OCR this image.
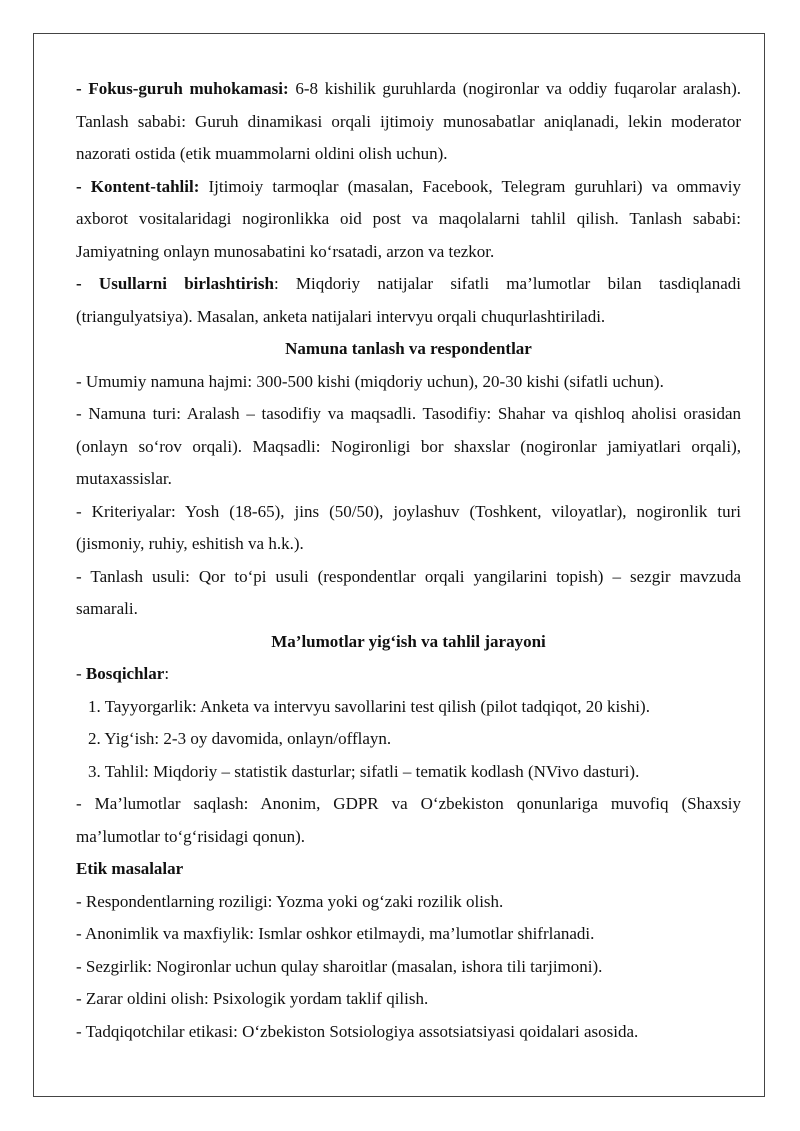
- Fokus-guruh muhokamasi: 6-8 kishilik guruhlarda (nogironlar va oddiy fuqarolar aralash). Tanlash sababi: Guruh dinamikasi orqali ijtimoiy munosabatlar aniqlanadi, lekin moderator nazorati ostida (etik muammolarni oldini olish uchun).

- Kontent-tahlil: Ijtimoiy tarmoqlar (masalan, Facebook, Telegram guruhlari) va ommaviy axborot vositalaridagi nogironlikka oid post va maqolalarni tahlil qilish. Tanlash sababi: Jamiyatning onlayn munosabatini ko‘rsatadi, arzon va tezkor.

- Usullarni birlashtirish: Miqdoriy natijalar sifatli ma’lumotlar bilan tasdiqlanadi (triangulyatsiya). Masalan, anketa natijalari intervyu orqali chuqurlashtiriladi.

Namuna tanlash va respondentlar

- Umumiy namuna hajmi: 300-500 kishi (miqdoriy uchun), 20-30 kishi (sifatli uchun).

- Namuna turi: Aralash – tasodifiy va maqsadli. Tasodifiy: Shahar va qishloq aholisi orasidan (onlayn so‘rov orqali). Maqsadli: Nogironligi bor shaxslar (nogironlar jamiyatlari orqali), mutaxassislar.

- Kriteriyalar: Yosh (18-65), jins (50/50), joylashuv (Toshkent, viloyatlar), nogironlik turi (jismoniy, ruhiy, eshitish va h.k.).

- Tanlash usuli: Qor to‘pi usuli (respondentlar orqali yangilarini topish) – sezgir mavzuda samarali.

Ma’lumotlar yig‘ish va tahlil jarayoni

- Bosqichlar:

1. Tayyorgarlik: Anketa va intervyu savollarini test qilish (pilot tadqiqot, 20 kishi).

2. Yig‘ish: 2-3 oy davomida, onlayn/offlayn.

3. Tahlil: Miqdoriy – statistik dasturlar; sifatli – tematik kodlash (NVivo dasturi).

- Ma’lumotlar saqlash: Anonim, GDPR va O‘zbekiston qonunlariga muvofiq (Shaxsiy ma’lumotlar to‘g‘risidagi qonun).

Etik masalalar

- Respondentlarning roziligi: Yozma yoki og‘zaki rozilik olish.

- Anonimlik va maxfiylik: Ismlar oshkor etilmaydi, ma’lumotlar shifrlanadi.

- Sezgirlik: Nogironlar uchun qulay sharoitlar (masalan, ishora tili tarjimoni).

- Zarar oldini olish: Psixologik yordam taklif qilish.

- Tadqiqotchilar etikasi: O‘zbekiston Sotsiologiya assotsiatsiyasi qoidalari asosida.
